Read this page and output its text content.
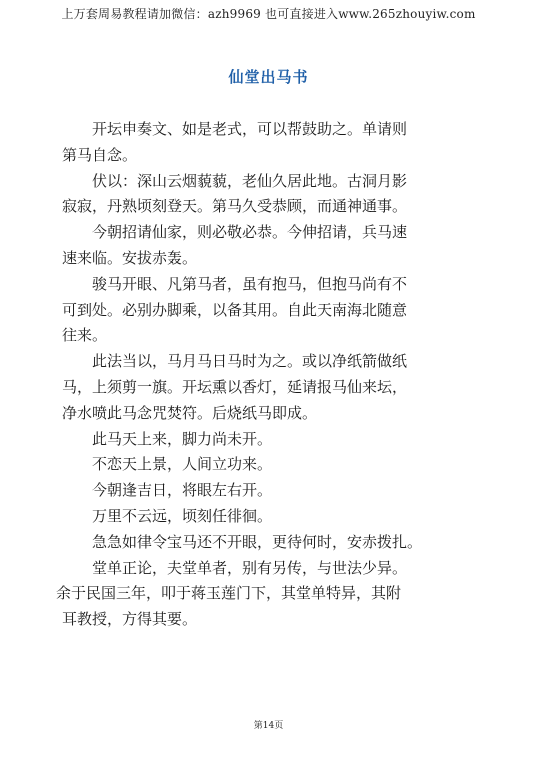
上万套周易教程请加微信：azh9969 也可直接进入www.265zhouyiw.com
仙堂出马书
开坛申奏文、如是老式，可以帮鼓助之。单请则
第马自念。
伏以：深山云烟藐藐，老仙久居此地。古洞月影
寂寂，丹熟顷刻登天。第马久受恭顾，而通神通事。
今朝招请仙家，则必敬必恭。今伸招请，兵马速
速来临。安拔赤轰。
骏马开眼、凡第马者，虽有抱马，但抱马尚有不
可到处。必别办脚乘，以备其用。自此天南海北随意
往来。
此法当以，马月马日马时为之。或以净纸箭做纸
马，上须剪一旗。开坛熏以香灯，延请报马仙来坛，
净水喷此马念咒焚符。后烧纸马即成。
此马天上来，脚力尚未开。
不恋天上景，人间立功来。
今朝逢吉日，将眼左右开。
万里不云远，顷刻任徘徊。
急急如律令宝马还不开眼，更待何时，安赤拨扎。
堂单正论，夫堂单者，别有另传，与世法少异。
余于民国三年，叩于蒋玉莲门下，其堂单特异，其附
耳教授，方得其要。
第14页
